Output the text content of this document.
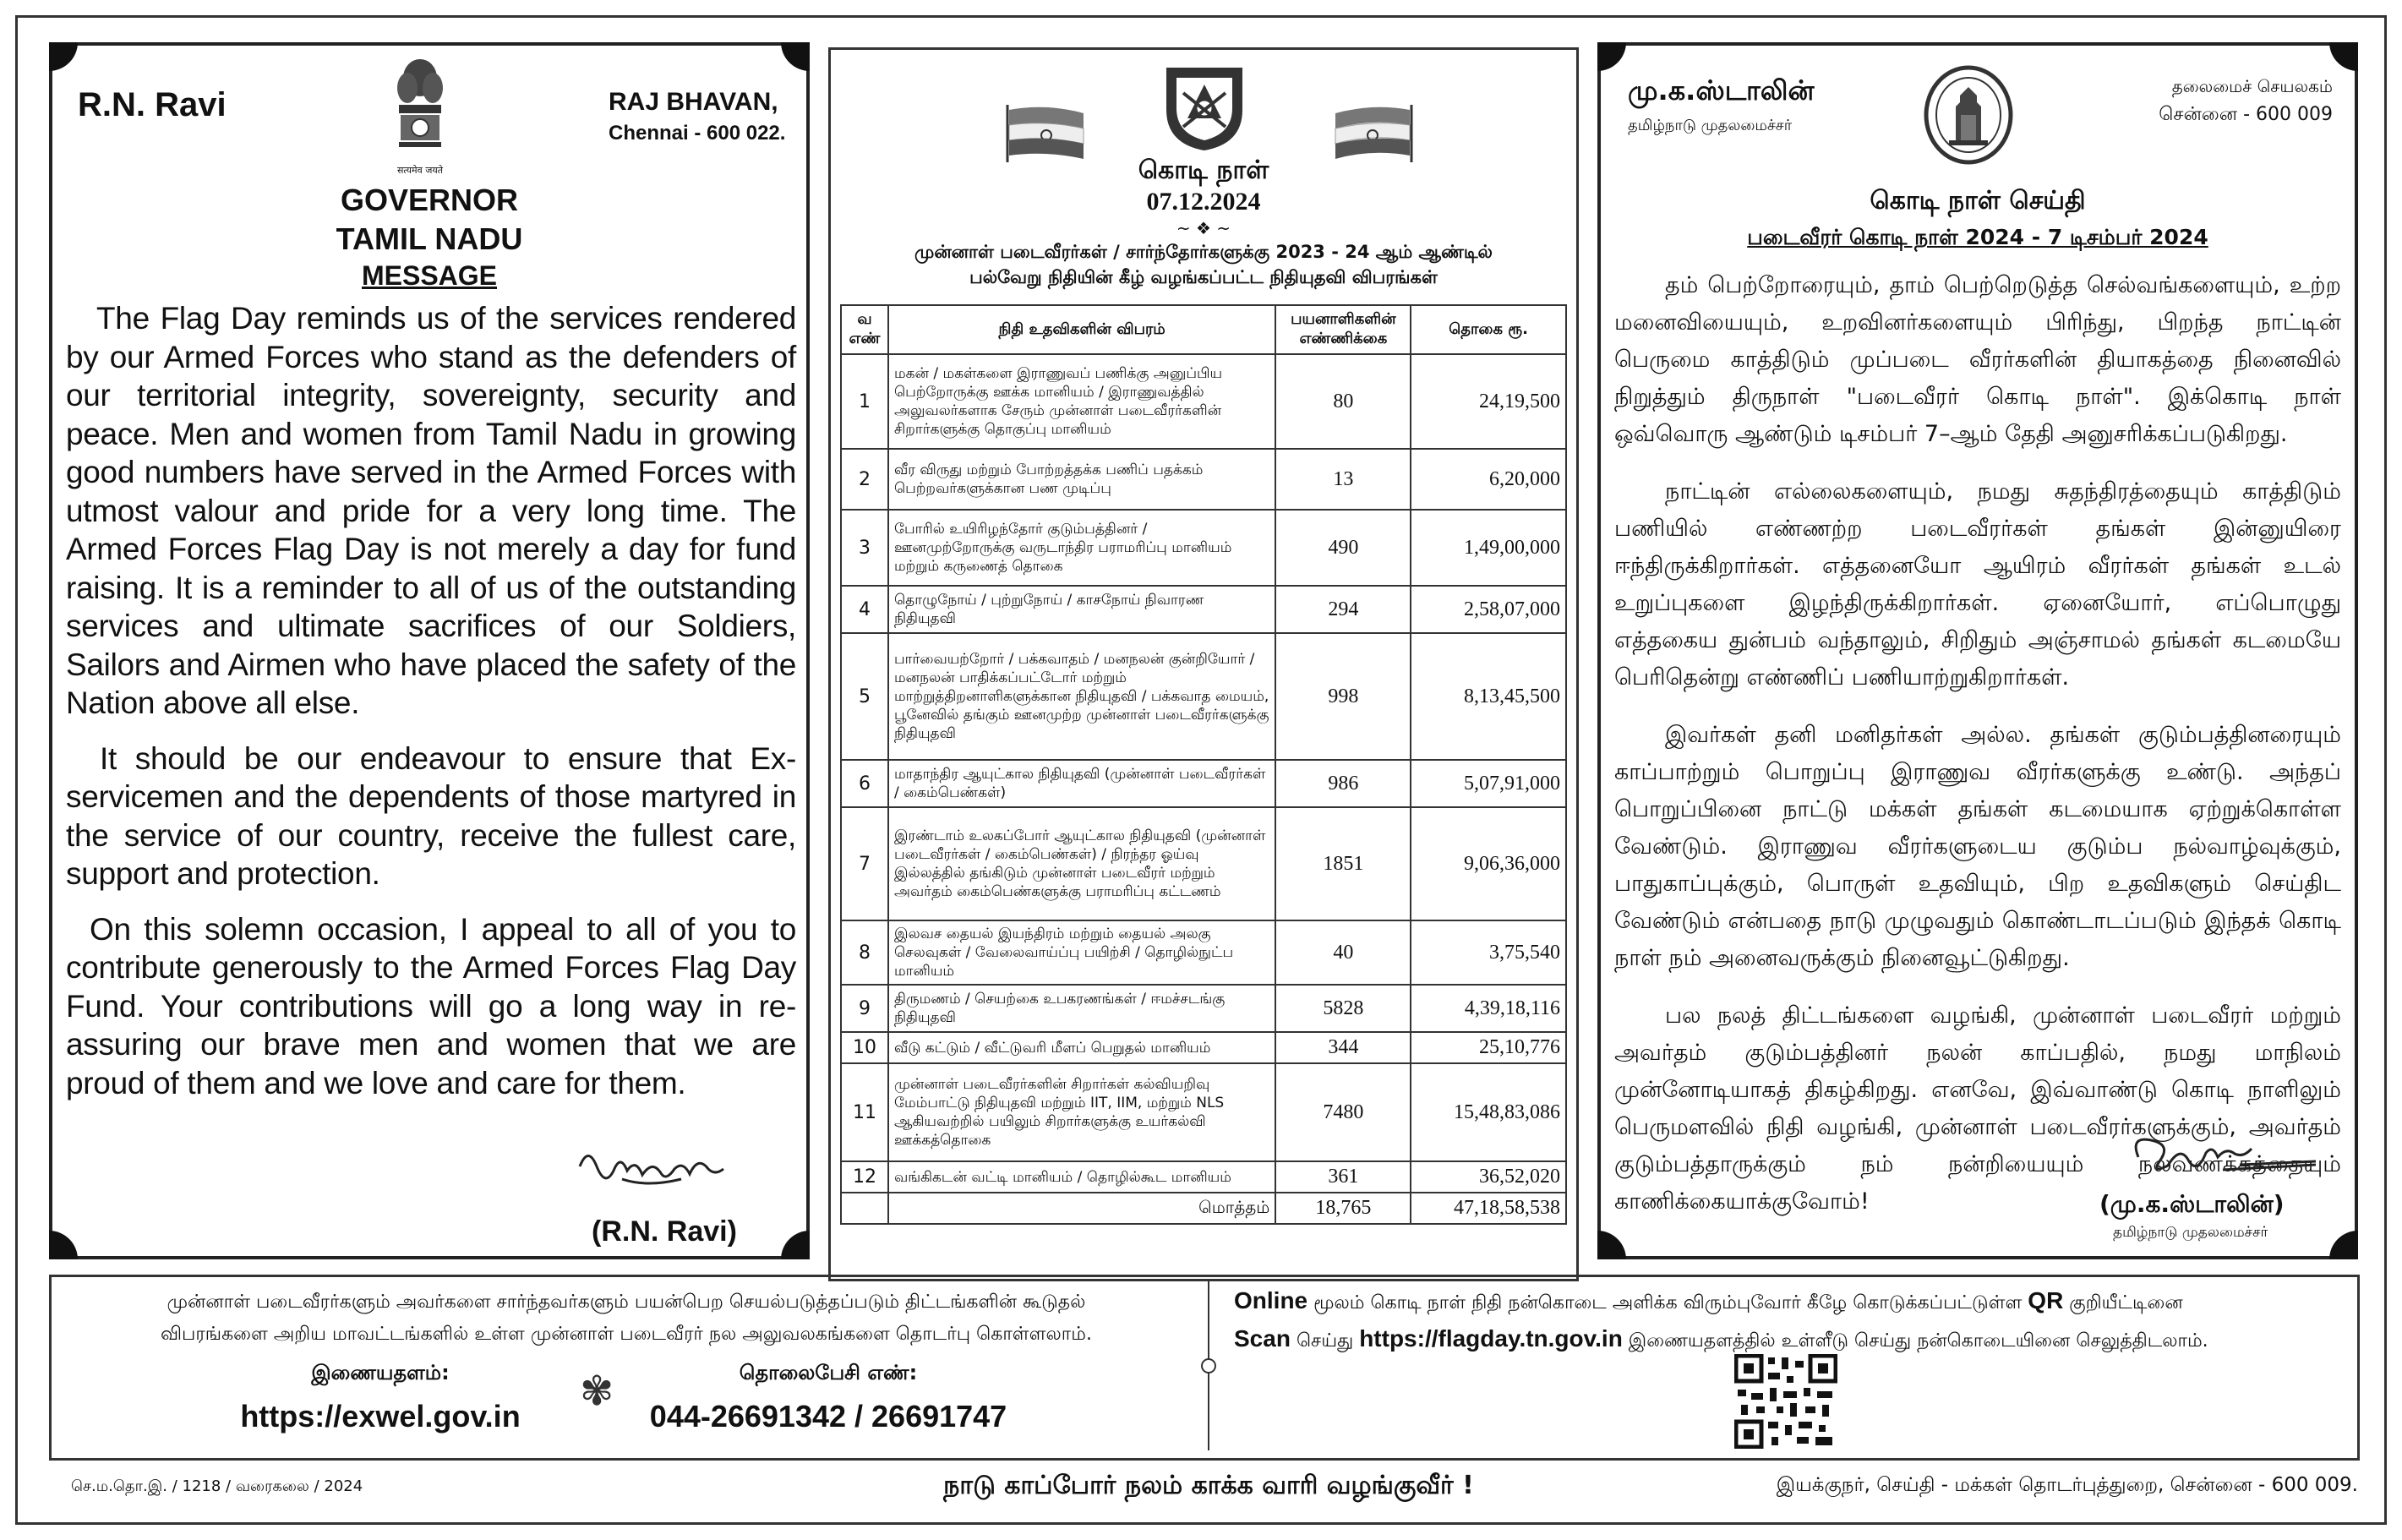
R.N. Ravi
सत्यमेव जयते
RAJ BHAVAN,
Chennai - 600 022.
GOVERNOR
TAMIL NADU
MESSAGE

The Flag Day reminds us of the services rendered by our Armed Forces who stand as the defenders of our territorial integrity, sovereignty, security and peace. Men and women from Tamil Nadu in growing good numbers have served in the Armed Forces with utmost valour and pride for a very long time. The Armed Forces Flag Day is not merely a day for fund raising. It is a reminder to all of us of the outstanding services and ultimate sacrifices of our Soldiers, Sailors and Airmen who have placed the safety of the Nation above all else.

It should be our endeavour to ensure that Ex-servicemen and the dependents of those martyred in the service of our country, receive the fullest care, support and protection.

On this solemn occasion, I appeal to all of you to contribute generously to the Armed Forces Flag Day Fund. Your contributions will go a long way in re-assuring our brave men and women that we are proud of them and we love and care for them.

(R.N. Ravi)
கொடி நாள்
07.12.2024
~ ❖ ~
முன்னாள் படைவீரர்கள் / சார்ந்தோர்களுக்கு 2023 - 24 ஆம் ஆண்டில்
பல்வேறு நிதியின் கீழ் வழங்கப்பட்ட நிதியுதவி விபரங்கள்
வ எண்	நிதி உதவிகளின் விபரம்	பயனாளிகளின் எண்ணிக்கை	தொகை ரூ.
1	மகன் / மகள்களை இராணுவப் பணிக்கு அனுப்பிய பெற்றோருக்கு ஊக்க மானியம் / இராணுவத்தில் அலுவலர்களாக சேரும் முன்னாள் படைவீரர்களின் சிறார்களுக்கு தொகுப்பு மானியம்	80	24,19,500
2	வீர விருது மற்றும் போற்றத்தக்க பணிப் பதக்கம் பெற்றவர்களுக்கான பண முடிப்பு	13	6,20,000
3	போரில் உயிரிழந்தோர் குடும்பத்தினர் / ஊனமுற்றோருக்கு வருடாந்திர பராமரிப்பு மானியம் மற்றும் கருணைத் தொகை	490	1,49,00,000
4	தொழுநோய் / புற்றுநோய் / காசநோய் நிவாரண நிதியுதவி	294	2,58,07,000
5	பார்வையற்றோர் / பக்கவாதம் / மனநலன் குன்றியோர் / மனநலன் பாதிக்கப்பட்டோர் மற்றும் மாற்றுத்திறனாளிகளுக்கான நிதியுதவி / பக்கவாத மையம், பூனேவில் தங்கும் ஊனமுற்ற முன்னாள் படைவீரர்களுக்கு நிதியுதவி	998	8,13,45,500
6	மாதாந்திர ஆயுட்கால நிதியுதவி (முன்னாள் படைவீரர்கள் / கைம்பெண்கள்)	986	5,07,91,000
7	இரண்டாம் உலகப்போர் ஆயுட்கால நிதியுதவி (முன்னாள் படைவீரர்கள் / கைம்பெண்கள்) / நிரந்தர ஓய்வு இல்லத்தில் தங்கிடும் முன்னாள் படைவீரர் மற்றும் அவர்தம் கைம்பெண்களுக்கு பராமரிப்பு கட்டணம்	1851	9,06,36,000
8	இலவச தையல் இயந்திரம் மற்றும் தையல் அலகு செலவுகள் / வேலைவாய்ப்பு பயிற்சி / தொழில்நுட்ப மானியம்	40	3,75,540
9	திருமணம் / செயற்கை உபகரணங்கள் / ஈமச்சடங்கு நிதியுதவி	5828	4,39,18,116
10	வீடு கட்டும் / வீட்டுவரி மீளப் பெறுதல் மானியம்	344	25,10,776
11	முன்னாள் படைவீரர்களின் சிறார்கள் கல்வியறிவு மேம்பாட்டு நிதியுதவி மற்றும் IIT, IIM, மற்றும் NLS ஆகியவற்றில் பயிலும் சிறார்களுக்கு உயர்கல்வி ஊக்கத்தொகை	7480	15,48,83,086
12	வங்கிகடன் வட்டி மானியம் / தொழில்கூட மானியம்	361	36,52,020
	மொத்தம்	18,765	47,18,58,538
மு.க.ஸ்டாலின்
தமிழ்நாடு முதலமைச்சர்
தலைமைச் செயலகம்
சென்னை - 600 009
கொடி நாள் செய்தி
படைவீரர் கொடி நாள் 2024 - 7 டிசம்பர் 2024

தம் பெற்றோரையும், தாம் பெற்றெடுத்த செல்வங்களையும், உற்ற மனைவியையும், உறவினர்களையும் பிரிந்து, பிறந்த நாட்டின் பெருமை காத்திடும் முப்படை வீரர்களின் தியாகத்தை நினைவில் நிறுத்தும் திருநாள் "படைவீரர் கொடி நாள்". இக்கொடி நாள் ஒவ்வொரு ஆண்டும் டிசம்பர் 7–ஆம் தேதி அனுசரிக்கப்படுகிறது.

நாட்டின் எல்லைகளையும், நமது சுதந்திரத்தையும் காத்திடும் பணியில் எண்ணற்ற படைவீரர்கள் தங்கள் இன்னுயிரை ஈந்திருக்கிறார்கள். எத்தனையோ ஆயிரம் வீரர்கள் தங்கள் உடல் உறுப்புகளை இழந்திருக்கிறார்கள். ஏனையோர், எப்பொழுது எத்தகைய துன்பம் வந்தாலும், சிறிதும் அஞ்சாமல் தங்கள் கடமையே பெரிதென்று எண்ணிப் பணியாற்றுகிறார்கள்.

இவர்கள் தனி மனிதர்கள் அல்ல. தங்கள் குடும்பத்தினரையும் காப்பாற்றும் பொறுப்பு இராணுவ வீரர்களுக்கு உண்டு. அந்தப் பொறுப்பினை நாட்டு மக்கள் தங்கள் கடமையாக ஏற்றுக்கொள்ள வேண்டும். இராணுவ வீரர்களுடைய குடும்ப நல்வாழ்வுக்கும், பாதுகாப்புக்கும், பொருள் உதவியும், பிற உதவிகளும் செய்திட வேண்டும் என்பதை நாடு முழுவதும் கொண்டாடப்படும் இந்தக் கொடி நாள் நம் அனைவருக்கும் நினைவூட்டுகிறது.

பல நலத் திட்டங்களை வழங்கி, முன்னாள் படைவீரர் மற்றும் அவர்தம் குடும்பத்தினர் நலன் காப்பதில், நமது மாநிலம் முன்னோடியாகத் திகழ்கிறது. எனவே, இவ்வாண்டு கொடி நாளிலும் பெருமளவில் நிதி வழங்கி, முன்னாள் படைவீரர்களுக்கும், அவர்தம் குடும்பத்தாருக்கும் நம் நன்றியையும் நல்வணக்கத்தையும் காணிக்கையாக்குவோம்!	(மு.க.ஸ்டாலின்)
தமிழ்நாடு முதலமைச்சர்
முன்னாள் படைவீரர்களும் அவர்களை சார்ந்தவர்களும் பயன்பெற செயல்படுத்தப்படும் திட்டங்களின் கூடுதல்
விபரங்களை அறிய மாவட்டங்களில் உள்ள முன்னாள் படைவீரர் நல அலுவலகங்களை தொடர்பு கொள்ளலாம்.
இணையதளம்:
https://exwel.gov.in
✾	தொலைபேசி எண்:
044-26691342 / 26691747
Online மூலம் கொடி நாள் நிதி நன்கொடை அளிக்க விரும்புவோர் கீழே கொடுக்கப்பட்டுள்ள QR குறியீட்டினை
Scan செய்து https://flagday.tn.gov.in இணையதளத்தில் உள்ளீடு செய்து நன்கொடையினை செலுத்திடலாம்.
செ.ம.தொ.இ. / 1218 / வரைகலை / 2024	நாடு காப்போர் நலம் காக்க வாரி வழங்குவீர் !	இயக்குநர், செய்தி - மக்கள் தொடர்புத்துறை, சென்னை - 600 009.
